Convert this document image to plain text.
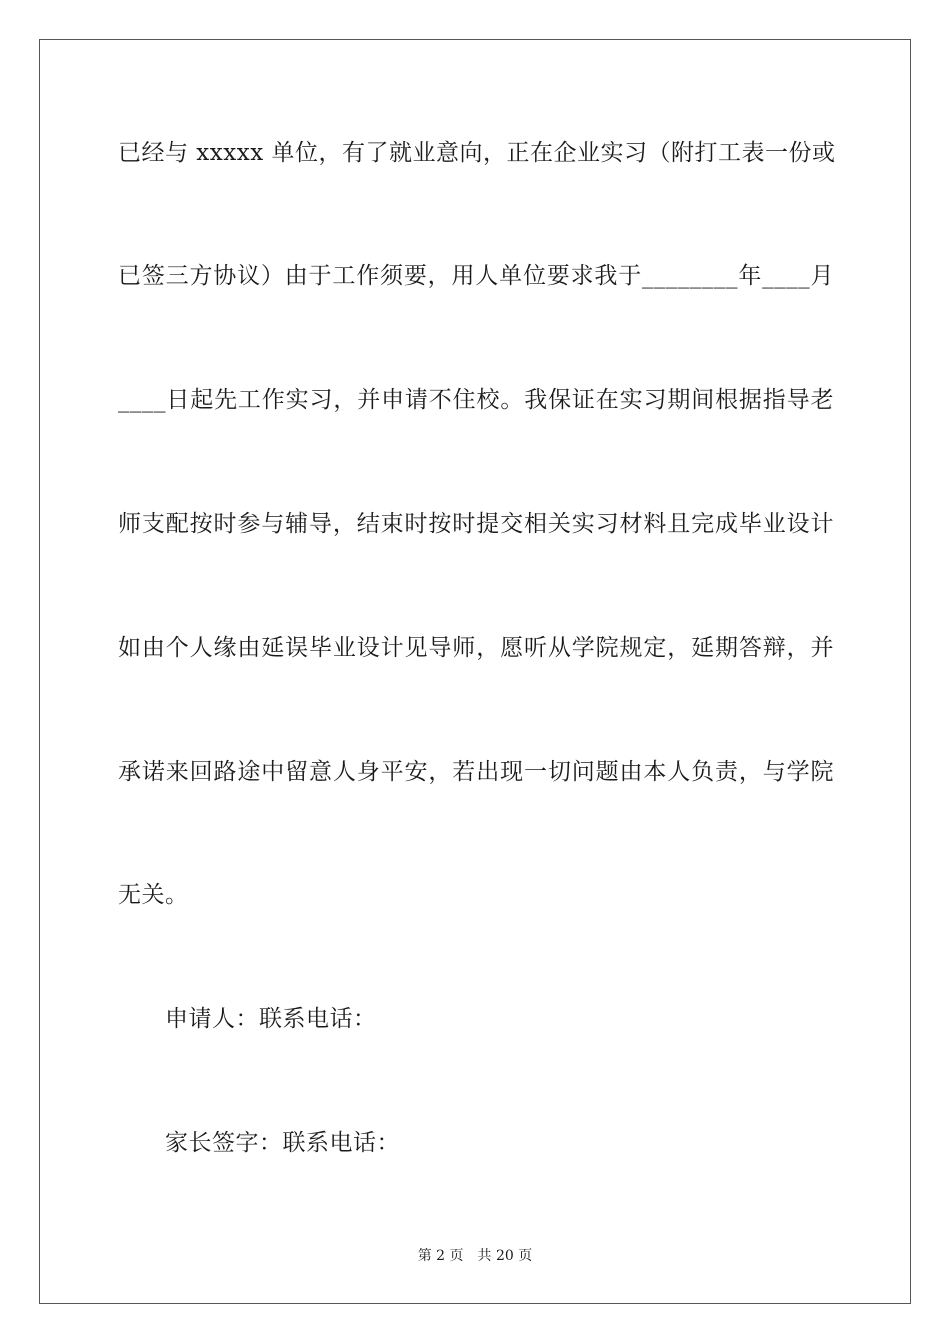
已经与 xxxxx 单位，有了就业意向，正在企业实习（附打工表一份或
已签三方协议）由于工作须要，用人单位要求我于________年____月
____日起先工作实习，并申请不住校。我保证在实习期间根据指导老
师支配按时参与辅导，结束时按时提交相关实习材料且完成毕业设计
如由个人缘由延误毕业设计见导师，愿听从学院规定，延期答辩，并
承诺来回路途中留意人身平安，若出现一切问题由本人负责，与学院
无关。
申请人：联系电话：
家长签字：联系电话：
第 2 页 共 20 页
